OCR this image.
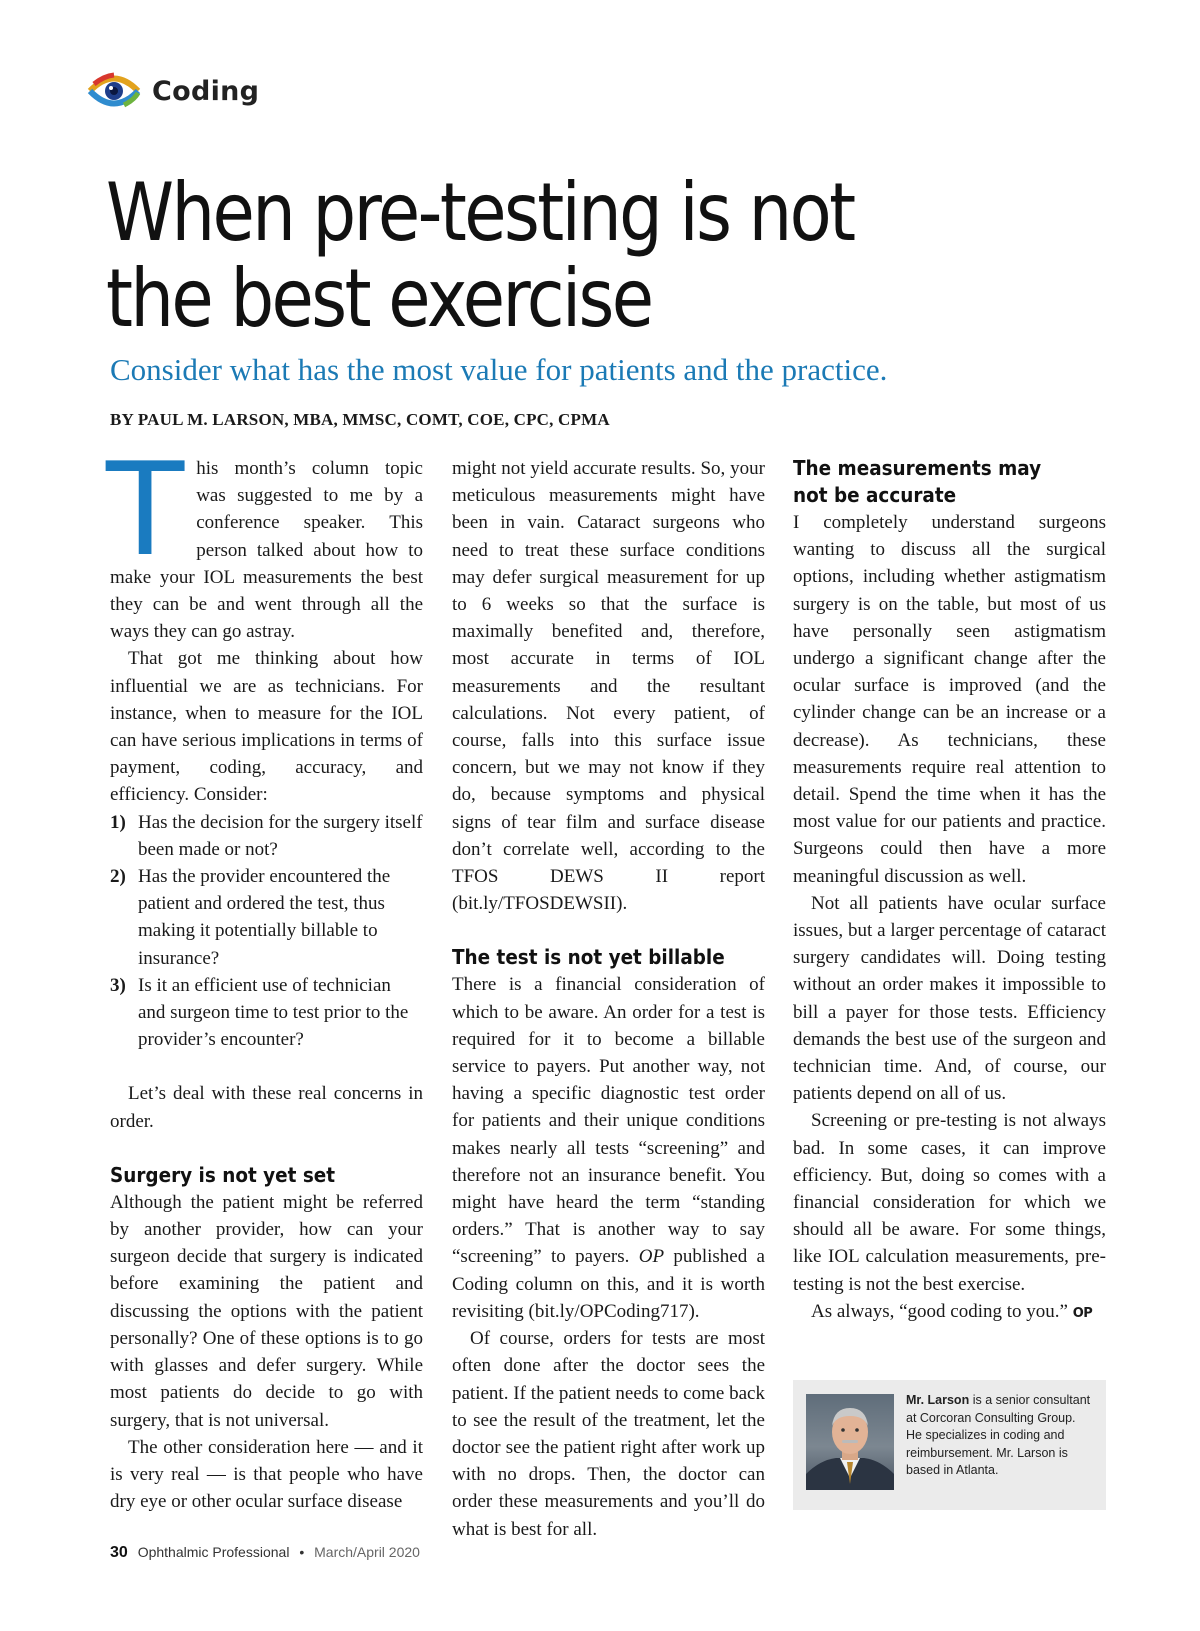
Coding
When pre-testing is not
the best exercise
Consider what has the most value for patients and the practice.
BY PAUL M. LARSON, MBA, MMSC, COMT, COE, CPC, CPMA

This month’s column topic was suggested to me by a conference speaker. This person talked about how to make your IOL measurements the best they can be and went through all the ways they can go astray.

That got me thinking about how influential we are as technicians. For instance, when to measure for the IOL can have serious implications in terms of payment, coding, accuracy, and efficiency. Consider:

1) Has the decision for the surgery itself been made or not?
2) Has the provider encountered the patient and ordered the test, thus making it potentially billable to insurance?
3) Is it an efficient use of technician and surgeon time to test prior to the provider’s encounter?

Let’s deal with these real concerns in order.

Surgery is not yet set

Although the patient might be referred by another provider, how can your surgeon decide that surgery is indicated before examining the patient and discussing the options with the patient personally? One of these options is to go with glasses and defer surgery. While most patients do decide to go with surgery, that is not universal.

The other consideration here — and it is very real — is that people who have dry eye or other ocular surface disease

might not yield accurate results. So, your meticulous measurements might have been in vain. Cataract surgeons who need to treat these surface conditions may defer surgical measurement for up to 6 weeks so that the surface is maximally benefited and, therefore, most accurate in terms of IOL measurements and the resultant calculations. Not every patient, of course, falls into this surface issue concern, but we may not know if they do, because symptoms and physical signs of tear film and surface disease don’t correlate well, according to the TFOS DEWS II report (bit.ly/TFOSDEWSII).

The test is not yet billable

There is a financial consideration of which to be aware. An order for a test is required for it to become a billable service to payers. Put another way, not having a specific diagnostic test order for patients and their unique conditions makes nearly all tests “screening” and therefore not an insurance benefit. You might have heard the term “standing orders.” That is another way to say “screening” to payers. OP published a Coding column on this, and it is worth revisiting (bit.ly/OPCoding717).

Of course, orders for tests are most often done after the doctor sees the patient. If the patient needs to come back to see the result of the treatment, let the doctor see the patient right after work up with no drops. Then, the doctor can order these measurements and you’ll do what is best for all.

The measurements may not be accurate

I completely understand surgeons wanting to discuss all the surgical options, including whether astigmatism surgery is on the table, but most of us have personally seen astigmatism undergo a significant change after the ocular surface is improved (and the cylinder change can be an increase or a decrease). As technicians, these measurements require real attention to detail. Spend the time when it has the most value for our patients and practice. Surgeons could then have a more meaningful discussion as well.

Not all patients have ocular surface issues, but a larger percentage of cataract surgery candidates will. Doing testing without an order makes it impossible to bill a payer for those tests. Efficiency demands the best use of the surgeon and technician time. And, of course, our patients depend on all of us.

Screening or pre-testing is not always bad. In some cases, it can improve efficiency. But, doing so comes with a financial consideration for which we should all be aware. For some things, like IOL calculation measurements, pre-testing is not the best exercise.

As always, “good coding to you.” OP

Mr. Larson is a senior consultant at Corcoran Consulting Group. He specializes in coding and reimbursement. Mr. Larson is based in Atlanta.
30 Ophthalmic Professional • March/April 2020
